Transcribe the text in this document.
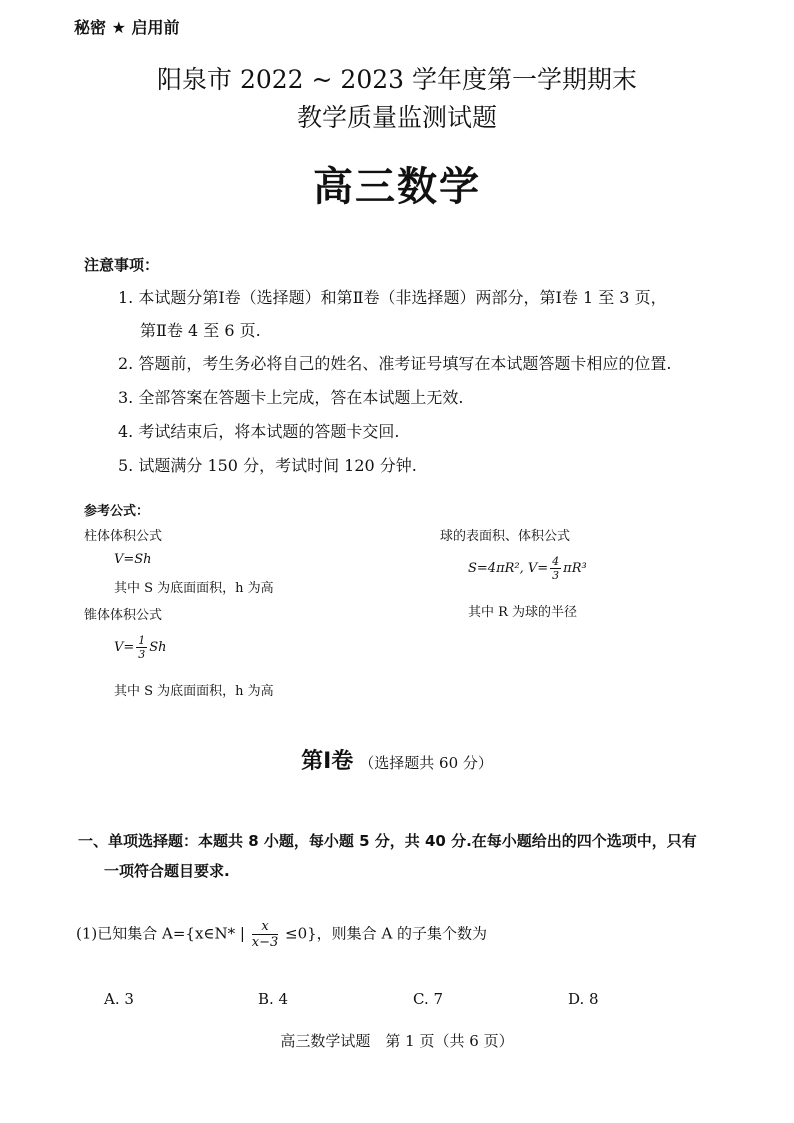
秘密 ★ 启用前
阳泉市 2022 ~ 2023 学年度第一学期期末
教学质量监测试题
高三数学
注意事项：
1. 本试题分第Ⅰ卷（选择题）和第Ⅱ卷（非选择题）两部分，第Ⅰ卷 1 至 3 页，
第Ⅱ卷 4 至 6 页.
2. 答题前，考生务必将自己的姓名、准考证号填写在本试题答题卡相应的位置.
3. 全部答案在答题卡上完成，答在本试题上无效.
4. 考试结束后，将本试题的答题卡交回.
5. 试题满分 150 分，考试时间 120 分钟.
参考公式：
柱体体积公式
V=Sh
其中 S 为底面面积，h 为高
锥体体积公式
$V= \frac{1}{3}$ Sh
其中 S 为底面面积，h 为高
球的表面积、体积公式
S=4πR², $V= \frac{4}{3} \pi R^3$
其中 R 为球的半径
第Ⅰ卷 （选择题共 60 分）
一、单项选择题：本题共 8 小题，每小题 5 分，共 40 分.在每小题给出的四个选项中，只有
一项符合题目要求.
(1)已知集合 A={x∈N* | $\frac{x}{x-3} \le 0$}，则集合 A 的子集个数为
A. 3	B. 4	C. 7	D. 8
高三数学试题　第 1 页（共 6 页）
